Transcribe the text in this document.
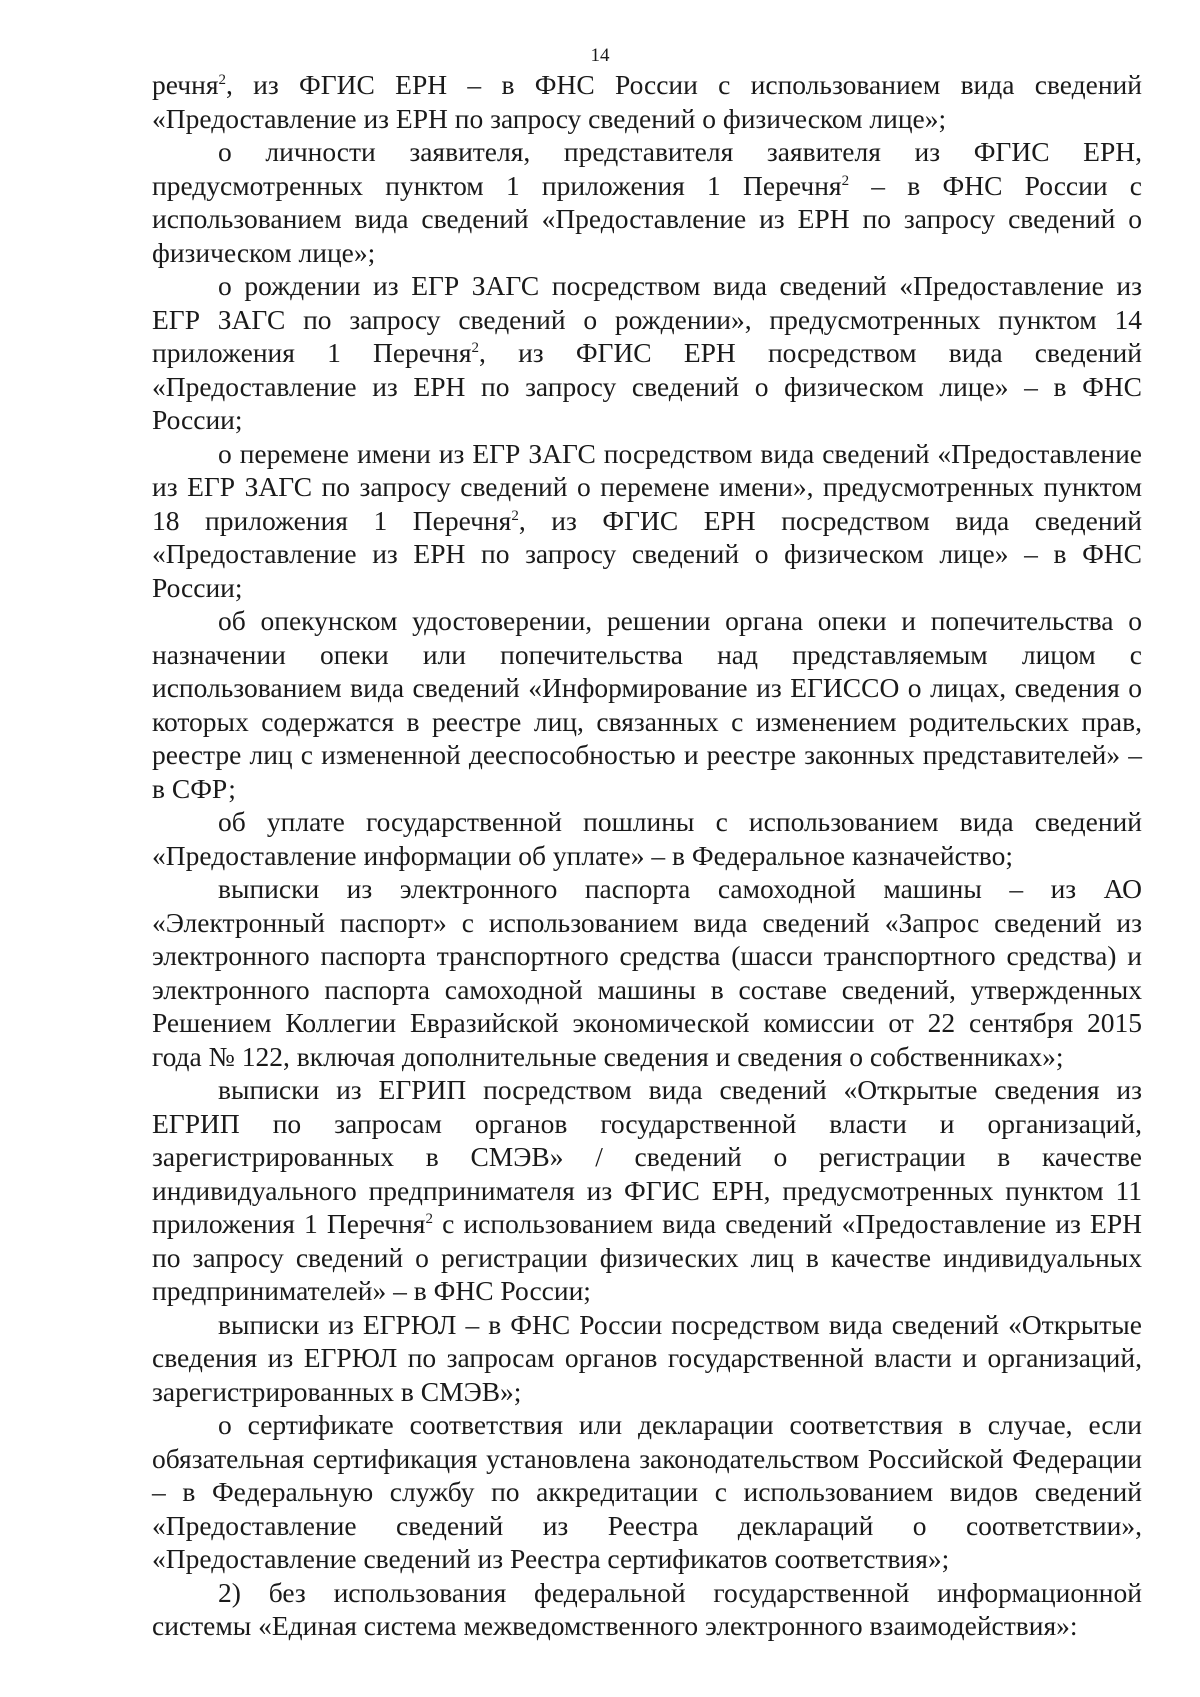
14

речня$^2$, из ФГИС ЕРН – в ФНС России с использованием вида сведений «Предоставление из ЕРН по запросу сведений о физическом лице»;

о личности заявителя, представителя заявителя из ФГИС ЕРН, предусмотренных пунктом 1 приложения 1 Перечня$^2$ – в ФНС России с использованием вида сведений «Предоставление из ЕРН по запросу сведений о физическом лице»;

о рождении из ЕГР ЗАГС посредством вида сведений «Предоставление из ЕГР ЗАГС по запросу сведений о рождении», предусмотренных пунктом 14 приложения 1 Перечня$^2$, из ФГИС ЕРН посредством вида сведений «Предоставление из ЕРН по запросу сведений о физическом лице» – в ФНС России;

о перемене имени из ЕГР ЗАГС посредством вида сведений «Предоставление из ЕГР ЗАГС по запросу сведений о перемене имени», предусмотренных пунктом 18 приложения 1 Перечня$^2$, из ФГИС ЕРН посредством вида сведений «Предоставление из ЕРН по запросу сведений о физическом лице» – в ФНС России;

об опекунском удостоверении, решении органа опеки и попечительства о назначении опеки или попечительства над представляемым лицом с использованием вида сведений «Информирование из ЕГИССО о лицах, сведения о которых содержатся в реестре лиц, связанных с изменением родительских прав, реестре лиц с измененной дееспособностью и реестре законных представителей» – в СФР;

об уплате государственной пошлины с использованием вида сведений «Предоставление информации об уплате» – в Федеральное казначейство;

выписки из электронного паспорта самоходной машины – из АО «Электронный паспорт» с использованием вида сведений «Запрос сведений из электронного паспорта транспортного средства (шасси транспортного средства) и электронного паспорта самоходной машины в составе сведений, утвержденных Решением Коллегии Евразийской экономической комиссии от 22 сентября 2015 года № 122, включая дополнительные сведения и сведения о собственниках»;

выписки из ЕГРИП посредством вида сведений «Открытые сведения из ЕГРИП по запросам органов государственной власти и организаций, зарегистрированных в СМЭВ» / сведений о регистрации в качестве индивидуального предпринимателя из ФГИС ЕРН, предусмотренных пунктом 11 приложения 1 Перечня$^2$ с использованием вида сведений «Предоставление из ЕРН по запросу сведений о регистрации физических лиц в качестве индивидуальных предпринимателей» – в ФНС России;

выписки из ЕГРЮЛ – в ФНС России посредством вида сведений «Открытые сведения из ЕГРЮЛ по запросам органов государственной власти и организаций, зарегистрированных в СМЭВ»;

о сертификате соответствия или декларации соответствия в случае, если обязательная сертификация установлена законодательством Российской Федерации – в Федеральную службу по аккредитации с использованием видов сведений «Предоставление сведений из Реестра деклараций о соответствии», «Предоставление сведений из Реестра сертификатов соответствия»;

2) без использования федеральной государственной информационной системы «Единая система межведомственного электронного взаимодействия»:
